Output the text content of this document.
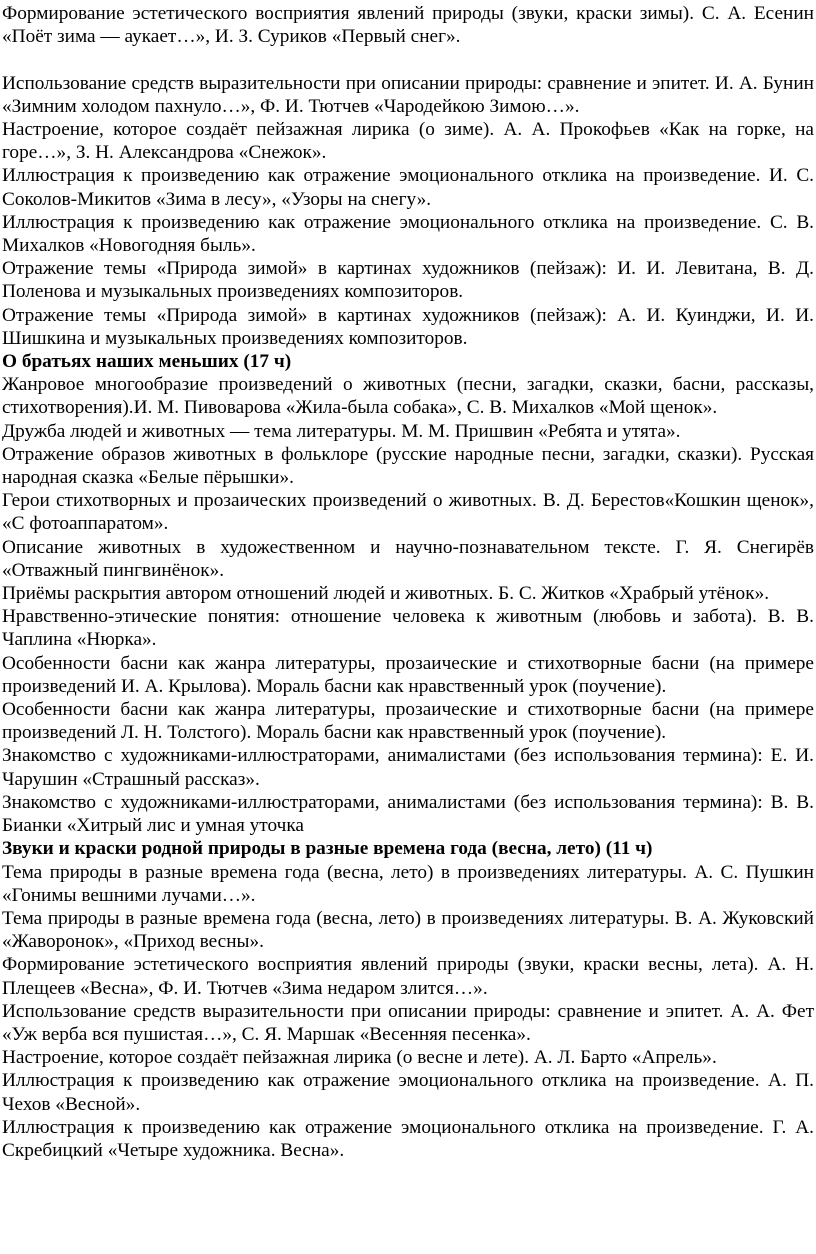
Формирование эстетического восприятия явлений природы (звуки, краски зимы). С. А. Есенин «Поёт зима — аукает…», И. З. Суриков «Первый снег».

Использование средств выразительности при описании природы: сравнение и эпитет. И. А. Бунин «Зимним холодом пахнуло…», Ф. И. Тютчев «Чародейкою Зимою…».

Настроение, которое создаёт пейзажная лирика (о зиме). А. А. Прокофьев «Как на горке, на горе…», З. Н. Александрова «Снежок».

Иллюстрация к произведению как отражение эмоционального отклика на произведение. И. С. Соколов-Микитов «Зима в лесу», «Узоры на снегу».

Иллюстрация к произведению как отражение эмоционального отклика на произведение. С. В. Михалков «Новогодняя быль».

Отражение темы «Природа зимой» в картинах художников (пейзаж): И. И. Левитана, В. Д. Поленова и музыкальных произведениях композиторов.

Отражение темы «Природа зимой» в картинах художников (пейзаж): А. И. Куинджи, И. И. Шишкина и музыкальных произведениях композиторов.

О братьях наших меньших (17 ч)

Жанровое многообразие произведений о животных (песни, загадки, сказки, басни, рассказы, стихотворения).И. М. Пивоварова «Жила-была собака», С. В. Михалков «Мой щенок».

Дружба людей и животных — тема литературы. М. М. Пришвин «Ребята и утята».

Отражение образов животных в фольклоре (русские народные песни, загадки, сказки). Русская народная сказка «Белые пёрышки».

Герои стихотворных и прозаических произведений о животных. В. Д. Берестов«Кошкин щенок», «С фотоаппаратом».

Описание животных в художественном и научно-познавательном тексте. Г. Я. Снегирёв «Отважный пингвинёнок».

Приёмы раскрытия автором отношений людей и животных. Б. С. Житков «Храбрый утёнок».

Нравственно-этические понятия: отношение человека к животным (любовь и забота). В. В. Чаплина «Нюрка».

Особенности басни как жанра литературы, прозаические и стихотворные басни (на примере произведений И. А. Крылова). Мораль басни как нравственный урок (поучение).

Особенности басни как жанра литературы, прозаические и стихотворные басни (на примере произведений Л. Н. Толстого). Мораль басни как нравственный урок (поучение).

Знакомство с художниками-иллюстраторами, анималистами (без использования термина): Е. И. Чарушин «Страшный рассказ».

Знакомство с художниками-иллюстраторами, анималистами (без использования термина): В. В. Бианки «Хитрый лис и умная уточка

Звуки и краски родной природы в разные времена года (весна, лето) (11 ч)

Тема природы в разные времена года (весна, лето) в произведениях литературы. А. С. Пушкин «Гонимы вешними лучами…».

Тема природы в разные времена года (весна, лето) в произведениях литературы. В. А. Жуковский «Жаворонок», «Приход весны».

Формирование эстетического восприятия явлений природы (звуки, краски весны, лета). А. Н. Плещеев «Весна», Ф. И. Тютчев «Зима недаром злится…».

Использование средств выразительности при описании природы: сравнение и эпитет. А. А. Фет «Уж верба вся пушистая…», С. Я. Маршак «Весенняя песенка».

Настроение, которое создаёт пейзажная лирика (о весне и лете). А. Л. Барто «Апрель».

Иллюстрация к произведению как отражение эмоционального отклика на произведение. А. П. Чехов «Весной».

Иллюстрация к произведению как отражение эмоционального отклика на произведение. Г. А. Скребицкий «Четыре художника. Весна».
